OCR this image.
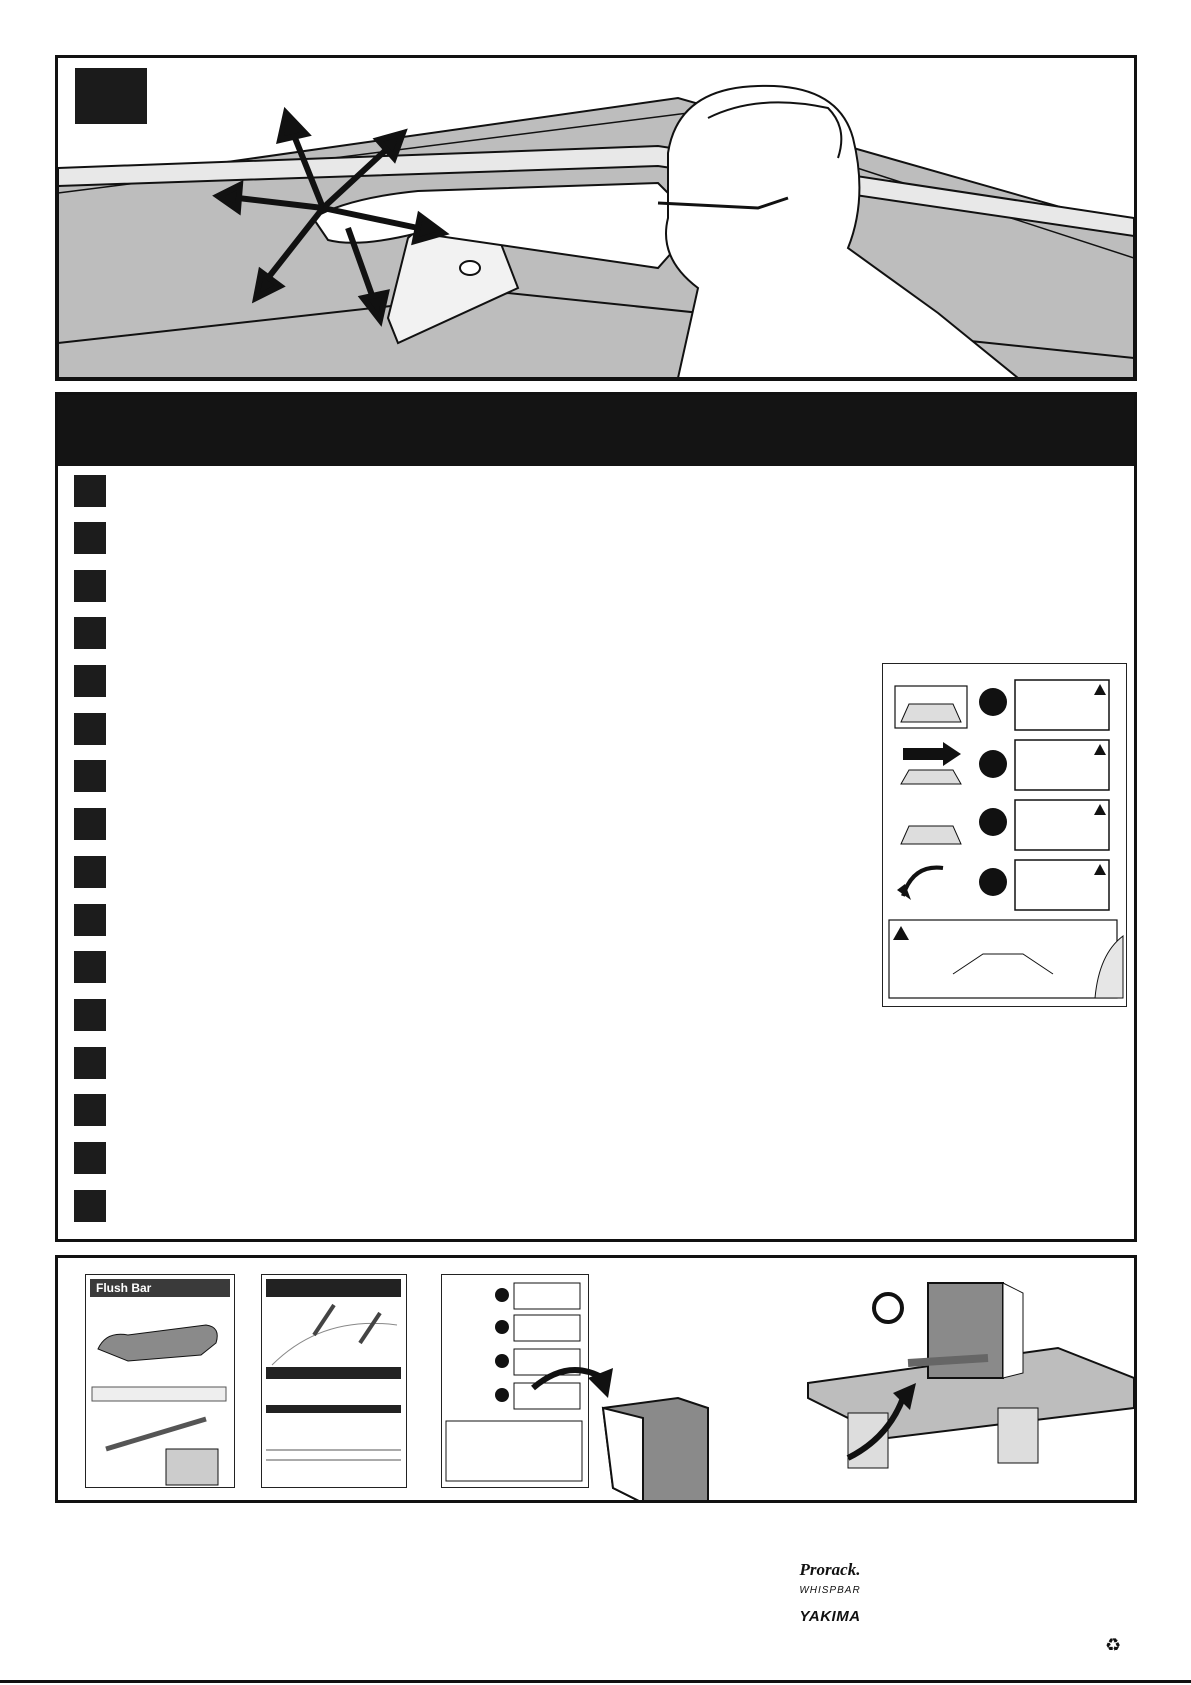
Flush Bar
Prorack.
WHISPBAR
YAKIMA
♻
